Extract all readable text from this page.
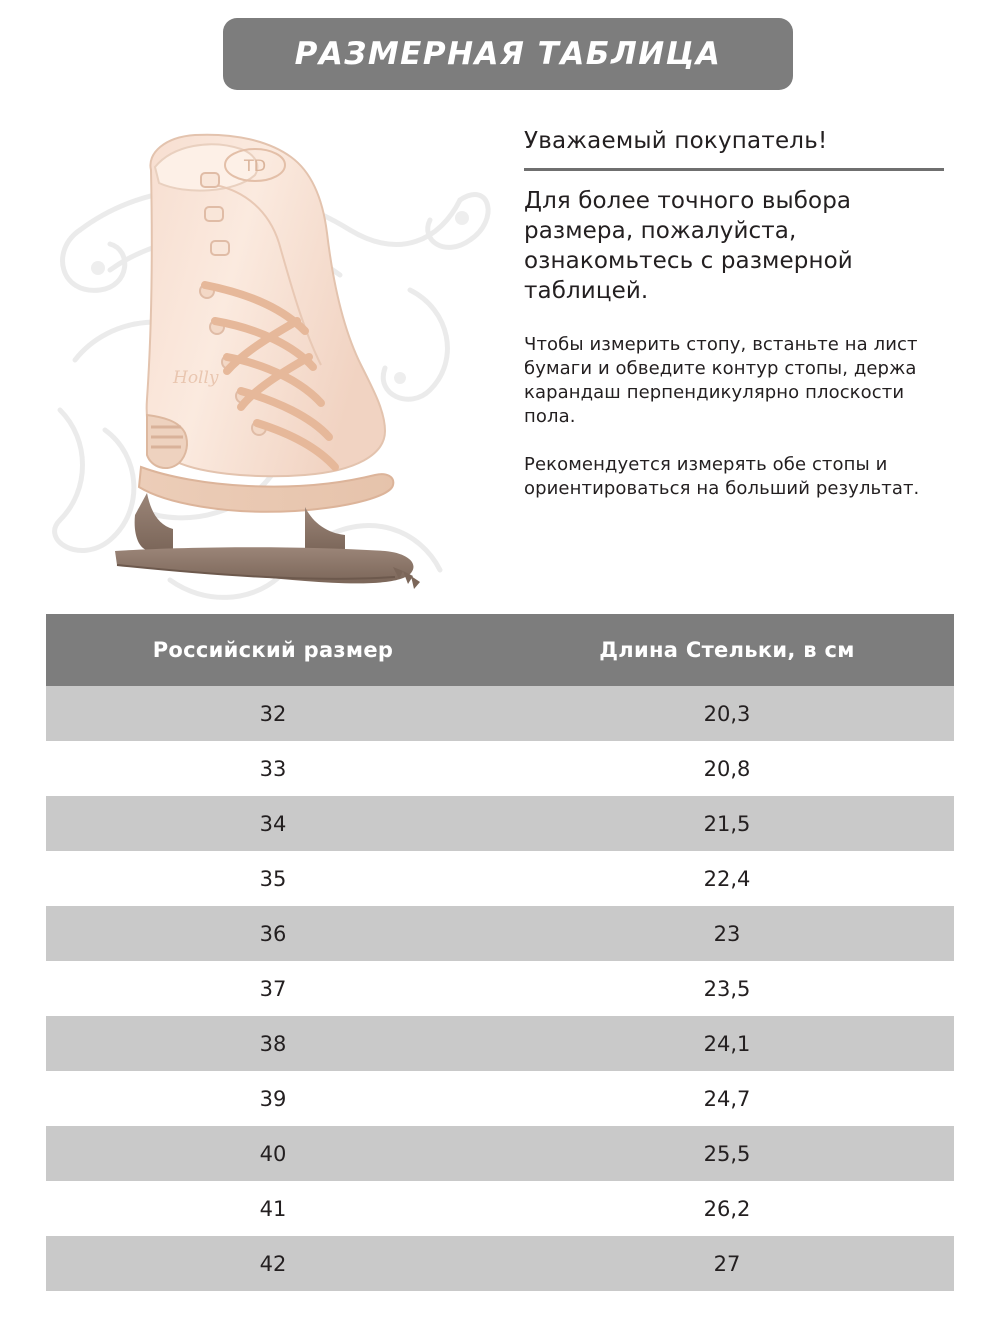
РАЗМЕРНАЯ ТАБЛИЦА
TD
Holly

Уважаемый покупатель!

Для более точного выбора размера, пожалуйста, ознакомьтесь с размерной таблицей.

Чтобы измерить стопу, встаньте на лист бумаги и обведите контур стопы, держа карандаш перпендикулярно плоскости пола.

Рекомендуется измерять обе стопы и ориентироваться на больший результат.

Российский размер	Длина Стельки, в см
32	20,3
33	20,8
34	21,5
35	22,4
36	23
37	23,5
38	24,1
39	24,7
40	25,5
41	26,2
42	27
